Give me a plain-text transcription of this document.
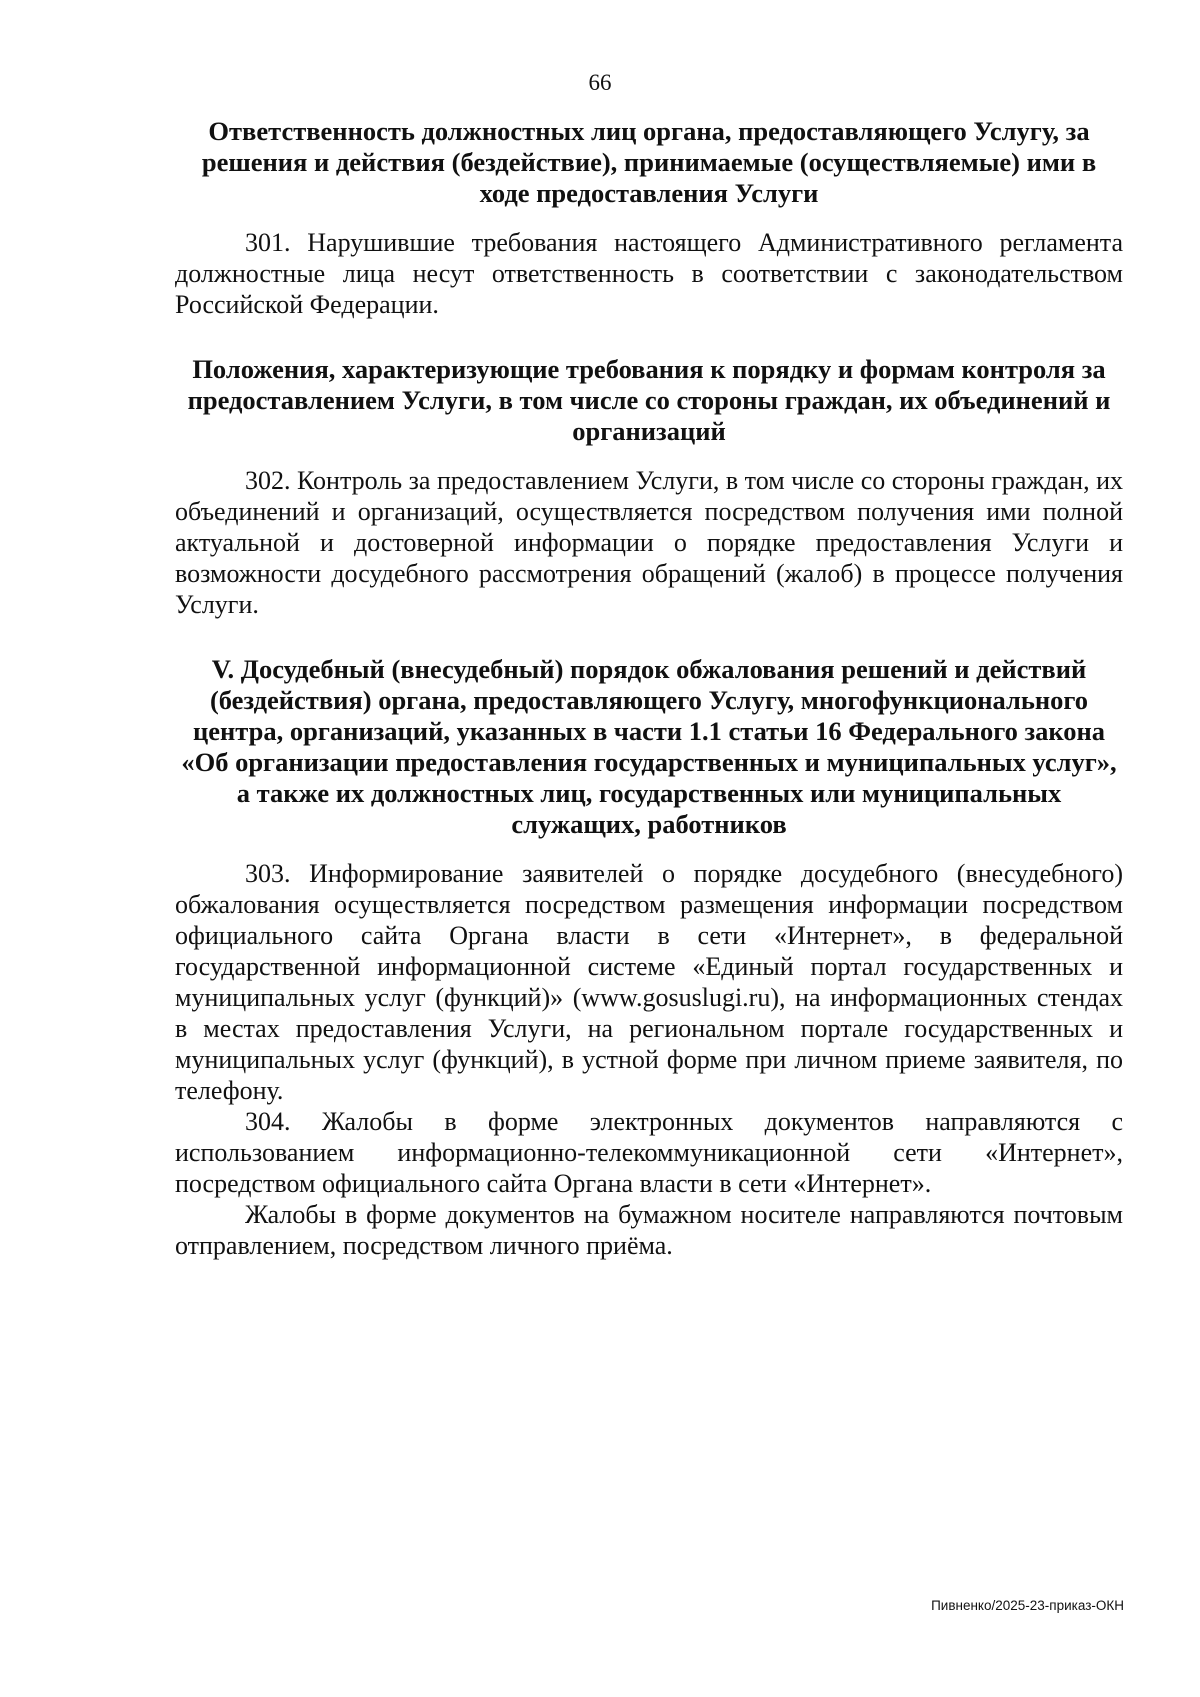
66

Ответственность должностных лиц органа, предоставляющего Услугу, за решения и действия (бездействие), принимаемые (осуществляемые) ими в ходе предоставления Услуги

301. Нарушившие требования настоящего Административного регламента должностные лица несут ответственность в соответствии с законодательством Российской Федерации.

Положения, характеризующие требования к порядку и формам контроля за предоставлением Услуги, в том числе со стороны граждан, их объединений и организаций

302. Контроль за предоставлением Услуги, в том числе со стороны граждан, их объединений и организаций, осуществляется посредством получения ими полной актуальной и достоверной информации о порядке предоставления Услуги и возможности досудебного рассмотрения обращений (жалоб) в процессе получения Услуги.

V. Досудебный (внесудебный) порядок обжалования решений и действий (бездействия) органа, предоставляющего Услугу, многофункционального центра, организаций, указанных в части 1.1 статьи 16 Федерального закона «Об организации предоставления государственных и муниципальных услуг», а также их должностных лиц, государственных или муниципальных служащих, работников

303. Информирование заявителей о порядке досудебного (внесудебного) обжалования осуществляется посредством размещения информации посредством официального сайта Органа власти в сети «Интернет», в федеральной государственной информационной системе «Единый портал государственных и муниципальных услуг (функций)» (www.gosuslugi.ru), на информационных стендах в местах предоставления Услуги, на региональном портале государственных и муниципальных услуг (функций), в устной форме при личном приеме заявителя, по телефону.

304. Жалобы в форме электронных документов направляются с использованием информационно-телекоммуникационной сети «Интернет», посредством официального сайта Органа власти в сети «Интернет».

Жалобы в форме документов на бумажном носителе направляются почтовым отправлением, посредством личного приёма.

Пивненко/2025-23-приказ-ОКН
